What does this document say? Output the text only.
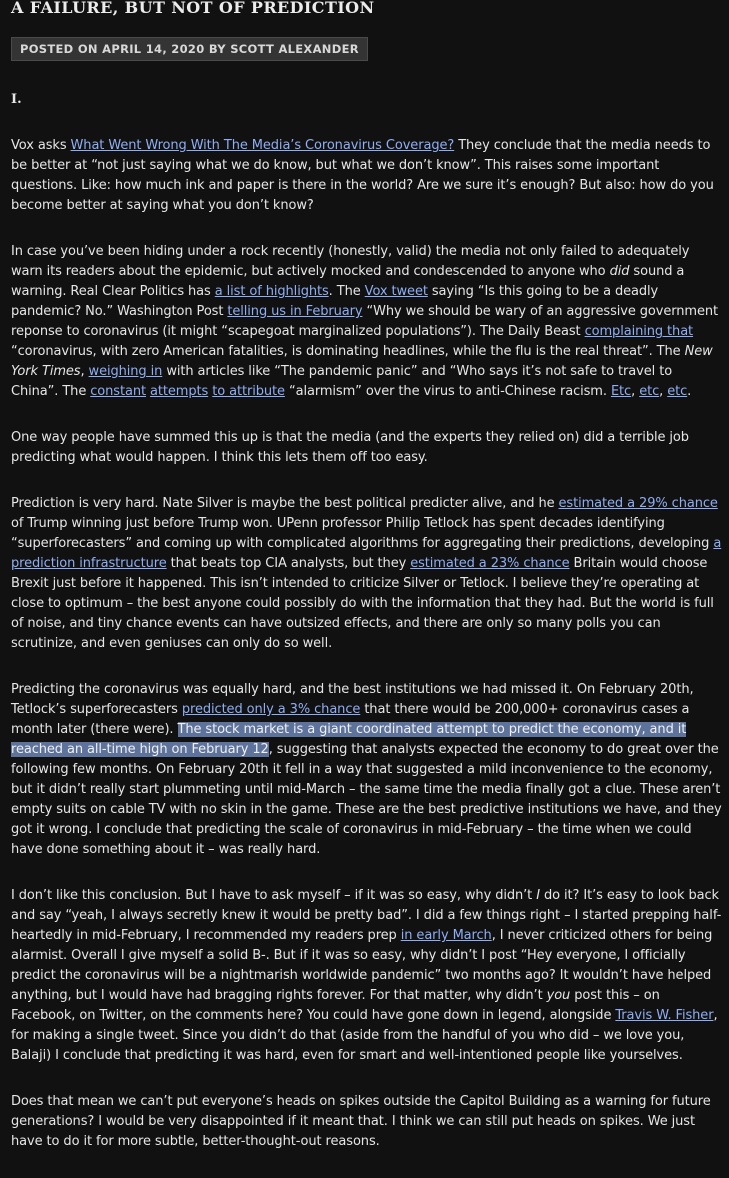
A FAILURE, BUT NOT OF PREDICTION
POSTED ON APRIL 14, 2020 BY SCOTT ALEXANDER
I.

Vox asks What Went Wrong With The Media’s Coronavirus Coverage? They conclude that the media needs to be better at “not just saying what we do know, but what we don’t know”. This raises some important questions. Like: how much ink and paper is there in the world? Are we sure it’s enough? But also: how do you become better at saying what you don’t know?

In case you’ve been hiding under a rock recently (honestly, valid) the media not only failed to adequately warn its readers about the epidemic, but actively mocked and condescended to anyone who did sound a warning. Real Clear Politics has a list of highlights. The Vox tweet saying “Is this going to be a deadly pandemic? No.” Washington Post telling us in February “Why we should be wary of an aggressive government reponse to coronavirus (it might “scapegoat marginalized populations”). The Daily Beast complaining that “coronavirus, with zero American fatalities, is dominating headlines, while the flu is the real threat”. The New York Times, weighing in with articles like “The pandemic panic” and “Who says it’s not safe to travel to China”. The constant attempts to attribute “alarmism” over the virus to anti-Chinese racism. Etc, etc, etc.

One way people have summed this up is that the media (and the experts they relied on) did a terrible job predicting what would happen. I think this lets them off too easy.

Prediction is very hard. Nate Silver is maybe the best political predicter alive, and he estimated a 29% chance of Trump winning just before Trump won. UPenn professor Philip Tetlock has spent decades identifying “superforecasters” and coming up with complicated algorithms for aggregating their predictions, developing a prediction infrastructure that beats top CIA analysts, but they estimated a 23% chance Britain would choose Brexit just before it happened. This isn’t intended to criticize Silver or Tetlock. I believe they’re operating at close to optimum – the best anyone could possibly do with the information that they had. But the world is full of noise, and tiny chance events can have outsized effects, and there are only so many polls you can scrutinize, and even geniuses can only do so well.

Predicting the coronavirus was equally hard, and the best institutions we had missed it. On February 20th, Tetlock’s superforecasters predicted only a 3% chance that there would be 200,000+ coronavirus cases a month later (there were). The stock market is a giant coordinated attempt to predict the economy, and it reached an all-time high on February 12, suggesting that analysts expected the economy to do great over the following few months. On February 20th it fell in a way that suggested a mild inconvenience to the economy, but it didn’t really start plummeting until mid-March – the same time the media finally got a clue. These aren’t empty suits on cable TV with no skin in the game. These are the best predictive institutions we have, and they got it wrong. I conclude that predicting the scale of coronavirus in mid-February – the time when we could have done something about it – was really hard.

I don’t like this conclusion. But I have to ask myself – if it was so easy, why didn’t I do it? It’s easy to look back and say “yeah, I always secretly knew it would be pretty bad”. I did a few things right – I started prepping half-heartedly in mid-February, I recommended my readers prep in early March, I never criticized others for being alarmist. Overall I give myself a solid B-. But if it was so easy, why didn’t I post “Hey everyone, I officially predict the coronavirus will be a nightmarish worldwide pandemic” two months ago? It wouldn’t have helped anything, but I would have had bragging rights forever. For that matter, why didn’t you post this – on Facebook, on Twitter, on the comments here? You could have gone down in legend, alongside Travis W. Fisher, for making a single tweet. Since you didn’t do that (aside from the handful of you who did – we love you, Balaji) I conclude that predicting it was hard, even for smart and well-intentioned people like yourselves.

Does that mean we can’t put everyone’s heads on spikes outside the Capitol Building as a warning for future generations? I would be very disappointed if it meant that. I think we can still put heads on spikes. We just have to do it for more subtle, better-thought-out reasons.
